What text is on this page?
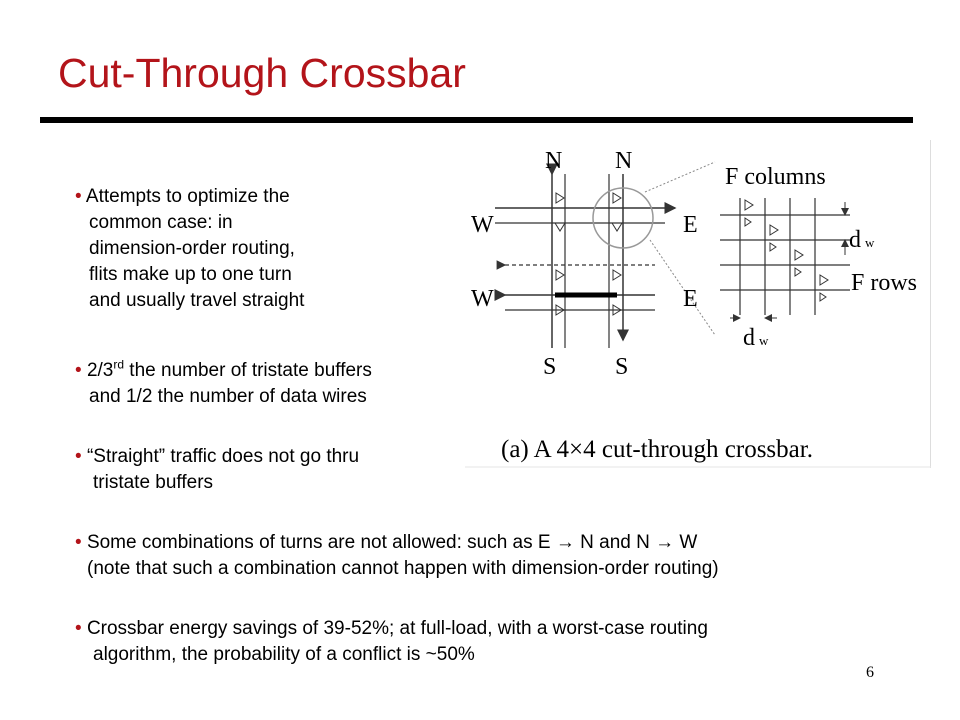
Cut-Through Crossbar
• Attempts to optimize the
common case: in
dimension-order routing,
flits make up to one turn
and usually travel straight
• 2/3rd the number of tristate buffers
and 1/2 the number of data wires
• “Straight” traffic does not go thru
tristate buffers
• Some combinations of turns are not allowed: such as E → N and N → W
(note that such a combination cannot happen with dimension-order routing)
• Crossbar energy savings of 39-52%; at full-load, with a worst-case routing
algorithm, the probability of a conflict is ~50%
N N
W
W
E
E
S S
F columns
dw
F rows
dw
(a) A 4×4 cut-through crossbar.
6
